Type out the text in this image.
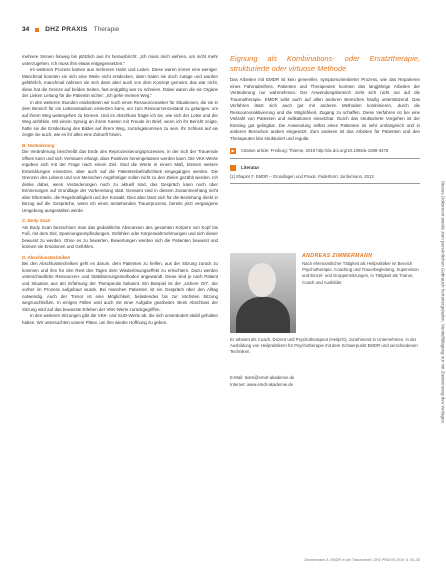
34 DHZ PRAXIS Therapie

mehrere Sinnen hinweg bis plötzlich aus ihr herausbricht: „Ich muss mich wehren, um nicht mehr unterzugehen. Ich muss ihm etwas entgegensetzen.“

Im weiteren Prozess kamen aus mehreren Hahn und Leiten. Diese waren immer eins weniger. Manchmal konnten sie sich eine Weile nicht entdecken, dann traten sie doch zutage und wurden gefährlich, manchmal nahmen sie sich dann aber auch von dem Konzept gemeint, das war nicht, diese hat die Grenze auf beiden Seiten, fast endgültig war zu schreien. Dabei waren die sie Organe der Linken Leitung für die Patientin sicher: „Ich gehe meinen Weg.“

In den weiteren Stunden erarbeiteten wir noch einen Ressourcenanker für Situationen, die sie in dem Bereich für ein Lebensstadium einsetzen kann, um zum Ressourcenzustand zu gelangen, um auf ihrem Weg weitergehen zu können. Und im Abschluss fragte ich sie, wie sich der Lotse und der Weg anfühlen. Mit einem Sprung an ihrem Kasten mit Freude im Brief, wenn ich ihr Bericht zeigte, hatte sie die Entdeckung des Bildes auf ihrem Weg, zurückgekommen zu sein. Ihr Schluss auf sie zeigte sie auch, wie es ihr alles eine Zukunft hinein.

B. Veränderung

Die Veränderung beschreibt das Ende des Reprozessierungsprozesses, in der sich der Trauernde öffnen kann und sich Vertrauen erlangt, dass Positives hereingelassen werden kann. Die VKK-Werte ergeben sich mit der Frage nach einem Ziel. Sind die Werte in einem Maß, können weitere Entwicklungen einsetzen, aber auch auf die Patientenbefindlichkeit eingegangen werden. Die Grenzen des Lebens und von Menschen Angehöriger sollen nicht zu den Zielen gezählt werden. Ich denke dabei, wenn Veränderungen noch zu aktuell sind, das Gespräch kann noch über Erinnerungen auf Grundlage der Vorbereitung statt. Genannt sind in diesem Zusammenhang nicht aber Elternteile, die Regelmäßigkeit und der Kontakt. Dies aber lässt sich für die Beziehung direkt in Bezug auf die Gespräche, wenn ich einen anstehenden Trauerprozess, bereits jetzt vergangene Umgebung ausgestalten werde.

C. Body Scan

Als Body Scan bezeichnen man das gedankliche Abscannen des gesamten Körpers von Kopf bis Fuß, mit dem Ziel, Spannungsempfindungen, Gefühlen oder Körperwahrnehmungen und sich dieser bewusst zu werden. Ohne es zu bewerten, Bewertungen werden sich die Patienten bewusst und können sie Emotionen und Gefühlen.

D. Abschlusstechniken

Bei den Abschlusstechniken geht es darum, dem Patienten zu helfen, aus der Sitzung zurück zu kommen und ihm für den Rest des Tages dem Wiederlösungseffekt zu erleichtern. Dazu werden unterschiedliche Ressourcen- und Stabilisierungsmethoden angewandt. Diese sind je nach Patient und Situation aus der Erfahrung der Therapeutin bekannt. Ein Beispiel ist der „sichere Ort“, der vorher im Prozess aufgebaut wurde. Bei manchen Patienten ist ein Gespräch über den Alltag notwendig. Auch der Tresor ist eine Möglichkeit, belastendes bis zur nächsten Sitzung wegzuschließen. In einigen Fällen wird auch mit einer Aufgabe gearbeitet. Beim Abschluss der Sitzung wird auf das bewusste Erleben der VKK-Werte zurückgegriffen.

In den weiteren Sitzungen gibt die VKK- und SUD-Werte ab, die sich unverändert stabil gehalten haben. Wir untersuchten unsere Pläne, um ihm wieder Hoffnung zu geben.

Eignung als Kombinations- oder Ersatztherapie, strukturierte oder virtuose Methode

Das Arbeiten mit EMDR ist kein genereller, symptomorientierter Prozess, wie das Reparieren eines Fahrradreifens. Patienten und Therapeuten konnten das langjährige Arbeiten der Veränderung nur wahrnehmen. Der Anwendungsbereich zieht sich nicht nur auf die Traumatherapie. EMDR wirkt auch auf allen anderen Bereichen häufig unterstützend. Das Verfahren lässt sich auch gut mit anderen Methoden kombinieren, durch die Ressourcenaktivierung und die Möglichkeit, Zugang zu schaffen. Diese Verfahren ist bei eine Vielzahl von Patienten und Indikationen einsetzbar. Durch das strukturierte Vorgehen ist der Einstieg gut gelingbar. Die Anwendung selbst eines Patienten ist sehr umfangreich und in anderen Bereichen anders eingesetzt. Zum anderen ist das Arbeiten für Patienten und den Therapeuten klar strukturiert und regulär.

▶	Citation article: Freiburg: Thieme, 2019 http://dx.doi.org/10.1055/a-1089-3478
Literatur
[1] Shapiro F. EMDR – Grundlagen und Praxis. Paderborn: Junfermann, 2013
ANDREAS ZIMMERMANN
Nach ehrenamtlicher Tätigkeit als Heilpraktiker im Bereich Psychotherapie, Coaching und Trauerbegleitung, Supervision und Einzel- und Gruppensitzungen, in Tätigkeit als Trainer, Coach und Ausbilder.
Er arbeitet als Coach, Dozent und Psychotherapeut (HeilprG), zunehmend in Unternehmen, in der Ausbildung von Heilpraktikern für Psychotherapie mit dem Schwerpunkt EMDR und verschiedenen Techniken.
E-Mail: team@emdr-akademie.de
Internet: www.emdr-akademie.de	Dieses Dokument wurde zum persönlichen Gebrauch heruntergeladen. Vervielfältigung nur mit Zustimmung des Verlages.
Zimmermann A. EMDR in der Trauerarbeit. DHZ PRAXIS 2019; 6: 30–35
